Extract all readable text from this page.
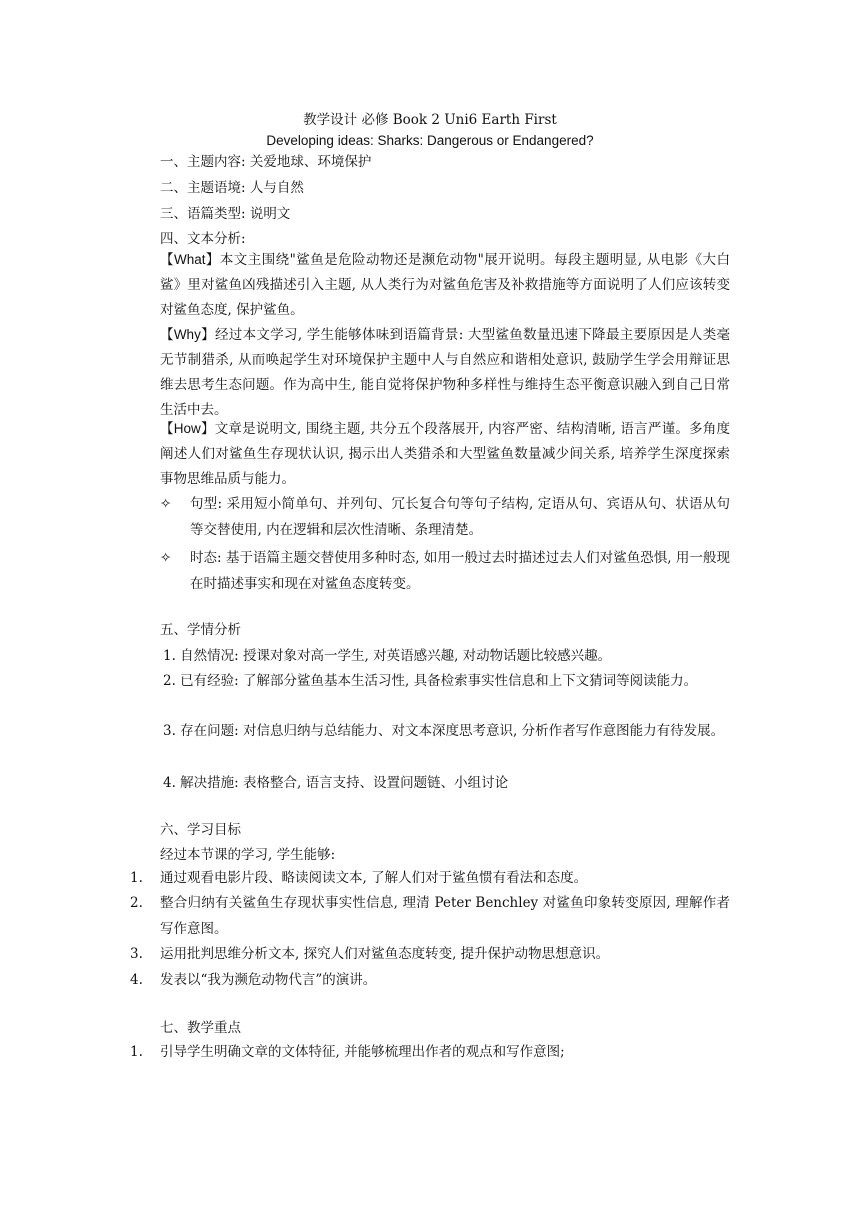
教学设计 必修 Book 2 Uni6 Earth First
Developing ideas: Sharks: Dangerous or Endangered?
一、主题内容: 关爱地球、环境保护
二、主题语境: 人与自然
三、语篇类型: 说明文
四、文本分析:
【What】本文主围绕"鲨鱼是危险动物还是濒危动物"展开说明。每段主题明显, 从电影《大白鲨》里对鲨鱼凶残描述引入主题, 从人类行为对鲨鱼危害及补救措施等方面说明了人们应该转变对鲨鱼态度, 保护鲨鱼。
【Why】经过本文学习, 学生能够体味到语篇背景: 大型鲨鱼数量迅速下降最主要原因是人类毫无节制猎杀, 从而唤起学生对环境保护主题中人与自然应和谐相处意识, 鼓励学生学会用辩证思维去思考生态问题。作为高中生, 能自觉将保护物种多样性与维持生态平衡意识融入到自己日常生活中去。
【How】文章是说明文, 围绕主题, 共分五个段落展开, 内容严密、结构清晰, 语言严谨。多角度阐述人们对鲨鱼生存现状认识, 揭示出人类猎杀和大型鲨鱼数量减少间关系, 培养学生深度探索事物思维品质与能力。
✧ 句型: 采用短小简单句、并列句、冗长复合句等句子结构, 定语从句、宾语从句、状语从句等交替使用, 内在逻辑和层次性清晰、条理清楚。
✧ 时态: 基于语篇主题交替使用多种时态, 如用一般过去时描述过去人们对鲨鱼恐惧, 用一般现在时描述事实和现在对鲨鱼态度转变。
五、学情分析
1. 自然情况: 授课对象对高一学生, 对英语感兴趣, 对动物话题比较感兴趣。
2. 已有经验: 了解部分鲨鱼基本生活习性, 具备检索事实性信息和上下文猜词等阅读能力。
3. 存在问题: 对信息归纳与总结能力、对文本深度思考意识, 分析作者写作意图能力有待发展。
4. 解决措施: 表格整合, 语言支持、设置问题链、小组讨论
六、学习目标
经过本节课的学习, 学生能够:
1. 通过观看电影片段、略读阅读文本, 了解人们对于鲨鱼惯有看法和态度。
2. 整合归纳有关鲨鱼生存现状事实性信息, 理清 Peter Benchley 对鲨鱼印象转变原因, 理解作者写作意图。
3. 运用批判思维分析文本, 探究人们对鲨鱼态度转变, 提升保护动物思想意识。
4. 发表以“我为濒危动物代言”的演讲。
七、教学重点
1. 引导学生明确文章的文体特征, 并能够梳理出作者的观点和写作意图;
